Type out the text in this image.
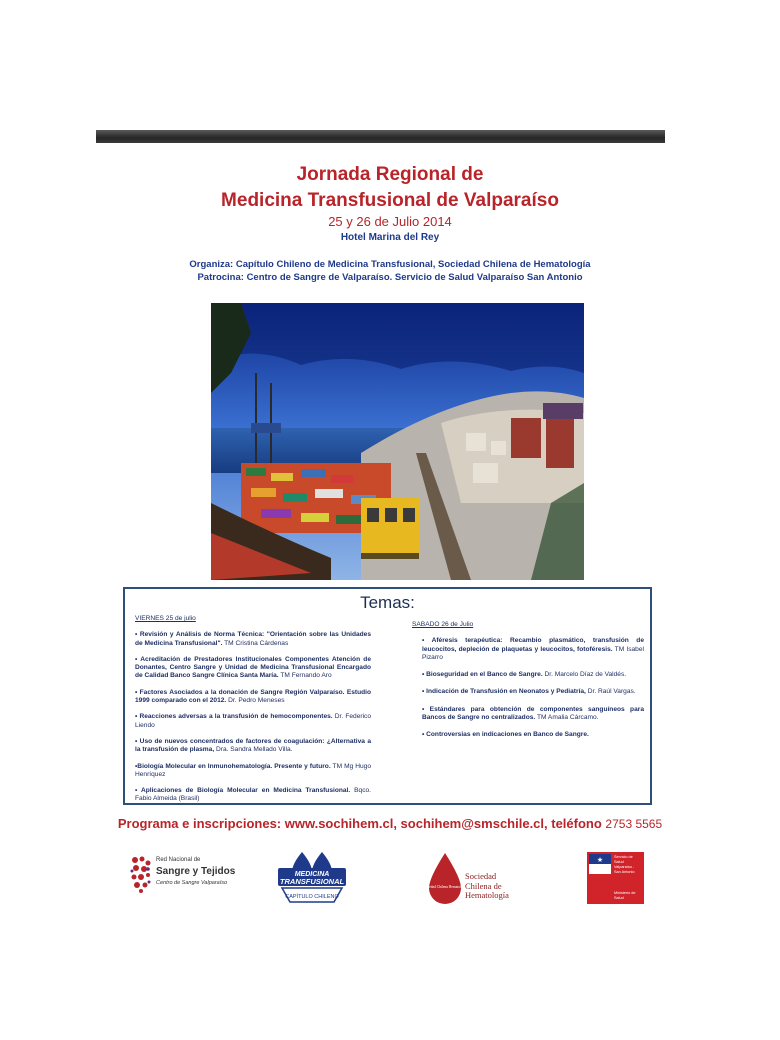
Jornada Regional de
Medicina Transfusional de Valparaíso
25 y 26 de Julio 2014
Hotel Marina del Rey
Organiza: Capítulo Chileno de Medicina Transfusional, Sociedad Chilena de Hematología
Patrocina: Centro de Sangre de Valparaíso. Servicio de Salud Valparaíso San Antonio
Temas:
VIERNES 25 de julio
• Revisión y Análisis de Norma Técnica: "Orientación sobre las Unidades de Medicina Transfusional". TM Cristina Cárdenas
• Acreditación de Prestadores Institucionales Componentes Atención de Donantes, Centro Sangre y Unidad de Medicina Transfusional Encargado de Calidad Banco Sangre Clínica Santa María. TM Fernando Aro
• Factores Asociados a la donación de Sangre Región Valparaíso. Estudio 1999 comparado con el 2012. Dr. Pedro Meneses
• Reacciones adversas a la transfusión de hemocomponentes. Dr. Federico Liendo
• Uso de nuevos concentrados de factores de coagulación: ¿Alternativa a la transfusión de plasma, Dra. Sandra Mellado Villa.
•Biología Molecular en Inmunohematología. Presente y futuro. TM Mg Hugo Henríquez
• Aplicaciones de Biología Molecular en Medicina Transfusional. Bqco. Fabio Almeida (Brasil)
SABADO 26 de Julio
• Aféresis terapéutica: Recambio plasmático, transfusión de leucocitos, depleción de plaquetas y leucocitos, fotoféresis. TM Isabel Pizarro
• Bioseguridad en el Banco de Sangre. Dr. Marcelo Díaz de Valdés.
• Indicación de Transfusión en Neonatos y Pediatría, Dr. Raúl Vargas.
• Estándares para obtención de componentes sanguíneos para Bancos de Sangre no centralizados. TM Amalia Cárcamo.
• Controversias en indicaciones en Banco de Sangre.
Programa e inscripciones: www.sochihem.cl, sochihem@smschile.cl, teléfono 2753 5565
Red Nacional de
Sangre y Tejidos
Centro de Sangre Valparaíso
MEDICINA
TRANSFUSIONAL
CAPÍTULO CHILENO
Sociedad Chilena Hematología
Sociedad
Chilena de
Hematología
★	Servicio de
Salud
Valparaíso -
San Antonio
Ministerio de
Salud
